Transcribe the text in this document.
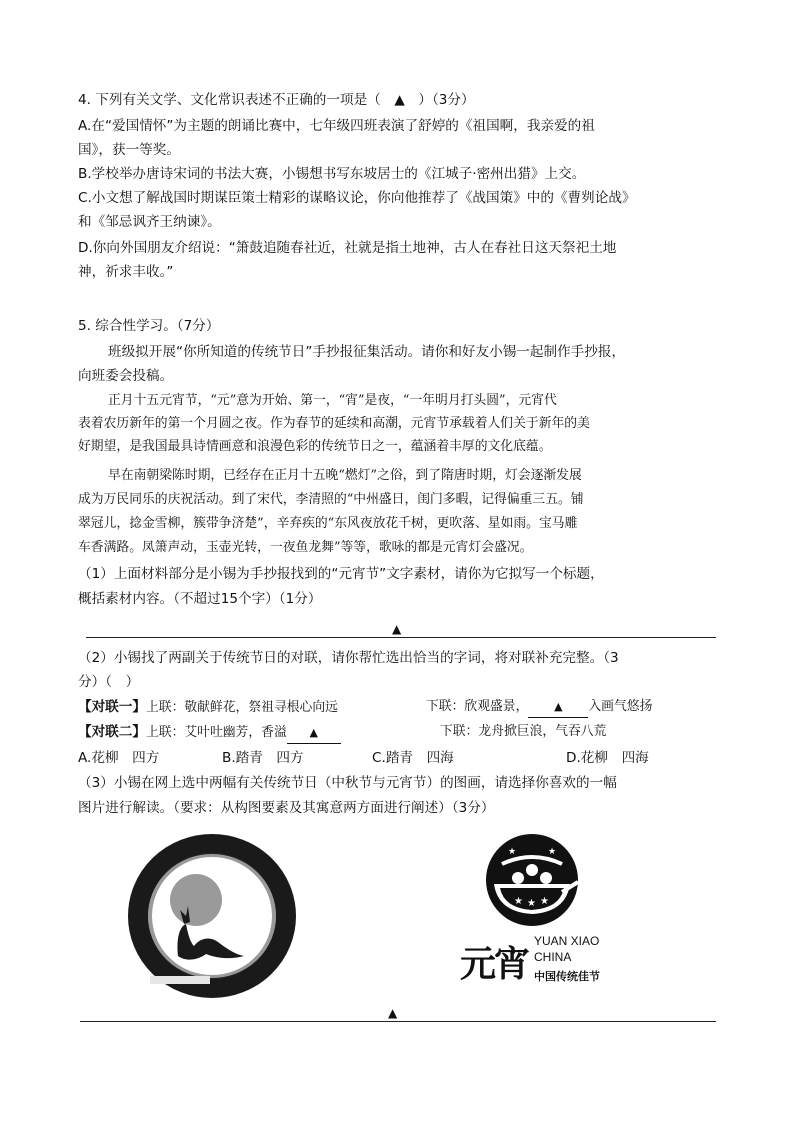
4. 下列有关文学、文化常识表述不正确的一项是（　▲　）（3分）
A.在“爱国情怀”为主题的朗诵比赛中，七年级四班表演了舒婷的《祖国啊，我亲爱的祖
国》，获一等奖。
B.学校举办唐诗宋词的书法大赛，小锡想书写东坡居士的《江城子·密州出猎》上交。
C.小文想了解战国时期谋臣策士精彩的谋略议论，你向他推荐了《战国策》中的《曹刿论战》
和《邹忌讽齐王纳谏》。
D.你向外国朋友介绍说：“箫鼓追随春社近，社就是指土地神，古人在春社日这天祭祀土地
神，祈求丰收。”
5. 综合性学习。（7分）
班级拟开展“你所知道的传统节日”手抄报征集活动。请你和好友小锡一起制作手抄报，
向班委会投稿。
正月十五元宵节，“元”意为开始、第一，“宵”是夜，“一年明月打头圆”，元宵代
表着农历新年的第一个月圆之夜。作为春节的延续和高潮，元宵节承载着人们关于新年的美
好期望，是我国最具诗情画意和浪漫色彩的传统节日之一，蕴涵着丰厚的文化底蕴。
早在南朝梁陈时期，已经存在正月十五晚“燃灯”之俗，到了隋唐时期，灯会逐渐发展
成为万民同乐的庆祝活动。到了宋代，李清照的“中州盛日，闺门多暇，记得偏重三五。铺
翠冠儿，捻金雪柳，簇带争济楚”，辛弃疾的“东风夜放花千树，更吹落、星如雨。宝马雕
车香满路。凤箫声动，玉壶光转，一夜鱼龙舞”等等，歌咏的都是元宵灯会盛况。
（1）上面材料部分是小锡为手抄报找到的“元宵节”文字素材，请你为它拟写一个标题，
概括素材内容。（不超过15个字）（1分）
▲
（2）小锡找了两副关于传统节日的对联，请你帮忙选出恰当的字词，将对联补充完整。（3
分）（　）
【对联一】上联：敬献鲜花，祭祖寻根心向远	下联：欣观盛景， ▲ 入画气悠扬
【对联二】上联：艾叶吐幽芳，香溢 ▲	下联：龙舟掀巨浪，气吞八荒
A.花柳　四方	B.踏青　四方	C.踏青　四海	D.花柳　四海
（3）小锡在网上选中两幅有关传统节日（中秋节与元宵节）的图画，请选择你喜欢的一幅
图片进行解读。（要求：从构图要素及其寓意两方面进行阐述）（3分）
★ ★ ★
★	★
元宵
YUAN XIAO
CHINA
中国传统佳节
▲
